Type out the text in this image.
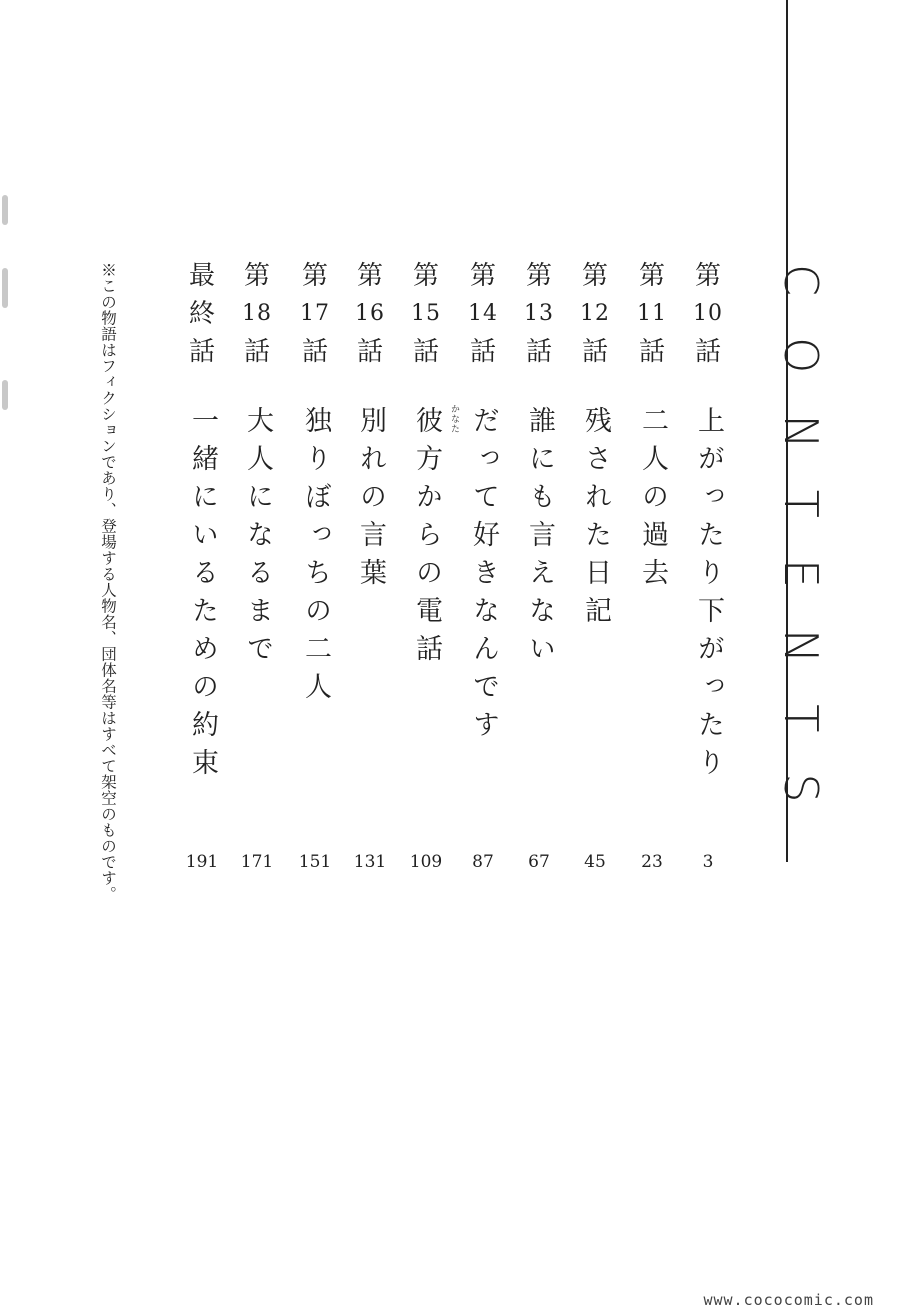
CONTENTS
第
10
話
上がったり下がったり
第
11
話
二人の過去
第
12
話
残された日記
第
13
話
誰にも言えない
第
14
話
だって好きなんです
第
15
話
彼方からの電話 かなた
第
16
話
別れの言葉
第
17
話
独りぼっちの二人
第
18
話
大人になるまで
最
終
話
一緒にいるための約束
3
23
45
67
87
109
131
151
171
191
※この物語はフィクションであり、登場する人物名、団体名等はすべて架空のものです。
www.cococomic.com
